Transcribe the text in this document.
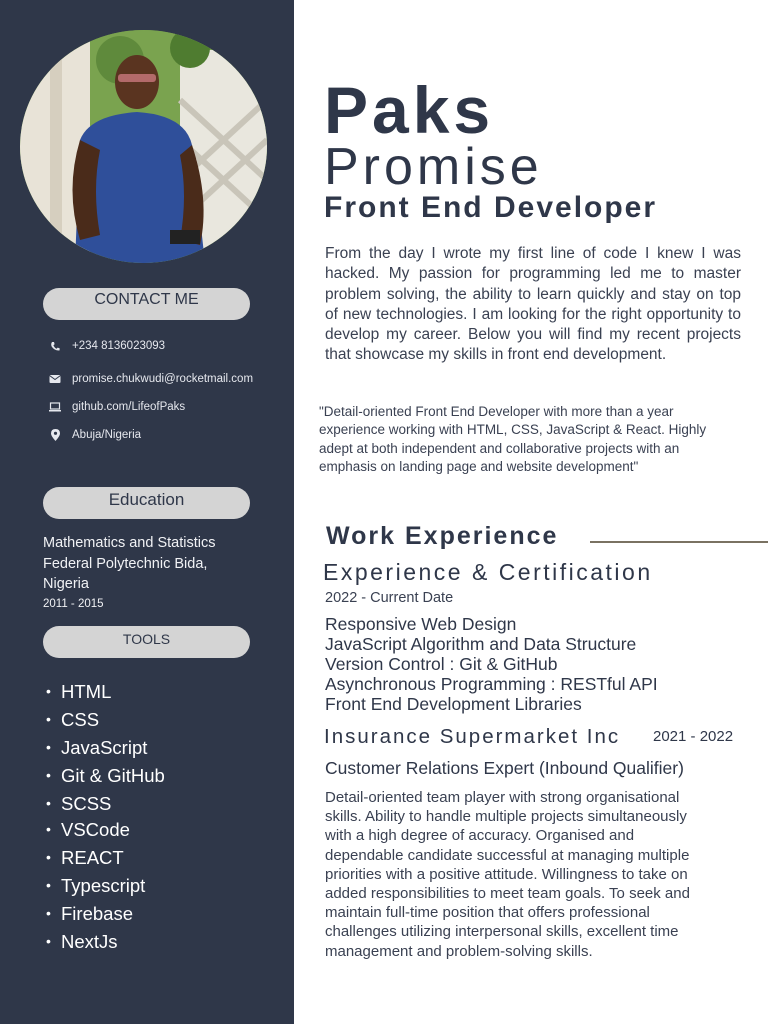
CONTACT ME
+234 8136023093
promise.chukwudi@rocketmail.com
github.com/LifeofPaks
Abuja/Nigeria
Education
Mathematics and Statistics
Federal Polytechnic Bida,
Nigeria
2011 - 2015
TOOLS
• HTML
• CSS
• JavaScript
• Git & GitHub
• SCSS
• VSCode
• REACT
• Typescript
• Firebase
• NextJs
Paks
Promise
Front End Developer
From the day I wrote my first line of code I knew I was hacked. My passion for programming led me to master problem solving, the ability to learn quickly and stay on top of new technologies. I am looking for the right opportunity to develop my career. Below you will find my recent projects that showcase my skills in front end development.
"Detail-oriented Front End Developer with more than a year experience working with HTML, CSS, JavaScript & React. Highly adept at both independent and collaborative projects with an emphasis on landing page and website development"
Work Experience
Experience & Certification
2022 - Current Date
Responsive Web Design
JavaScript Algorithm and Data Structure
Version Control : Git & GitHub
Asynchronous Programming : RESTful API
Front End Development Libraries
Insurance Supermarket Inc 2021 - 2022
Customer Relations Expert (Inbound Qualifier)
Detail-oriented team player with strong organisational skills. Ability to handle multiple projects simultaneously with a high degree of accuracy. Organised and dependable candidate successful at managing multiple priorities with a positive attitude. Willingness to take on added responsibilities to meet team goals. To seek and maintain full-time position that offers professional challenges utilizing interpersonal skills, excellent time management and problem-solving skills.
